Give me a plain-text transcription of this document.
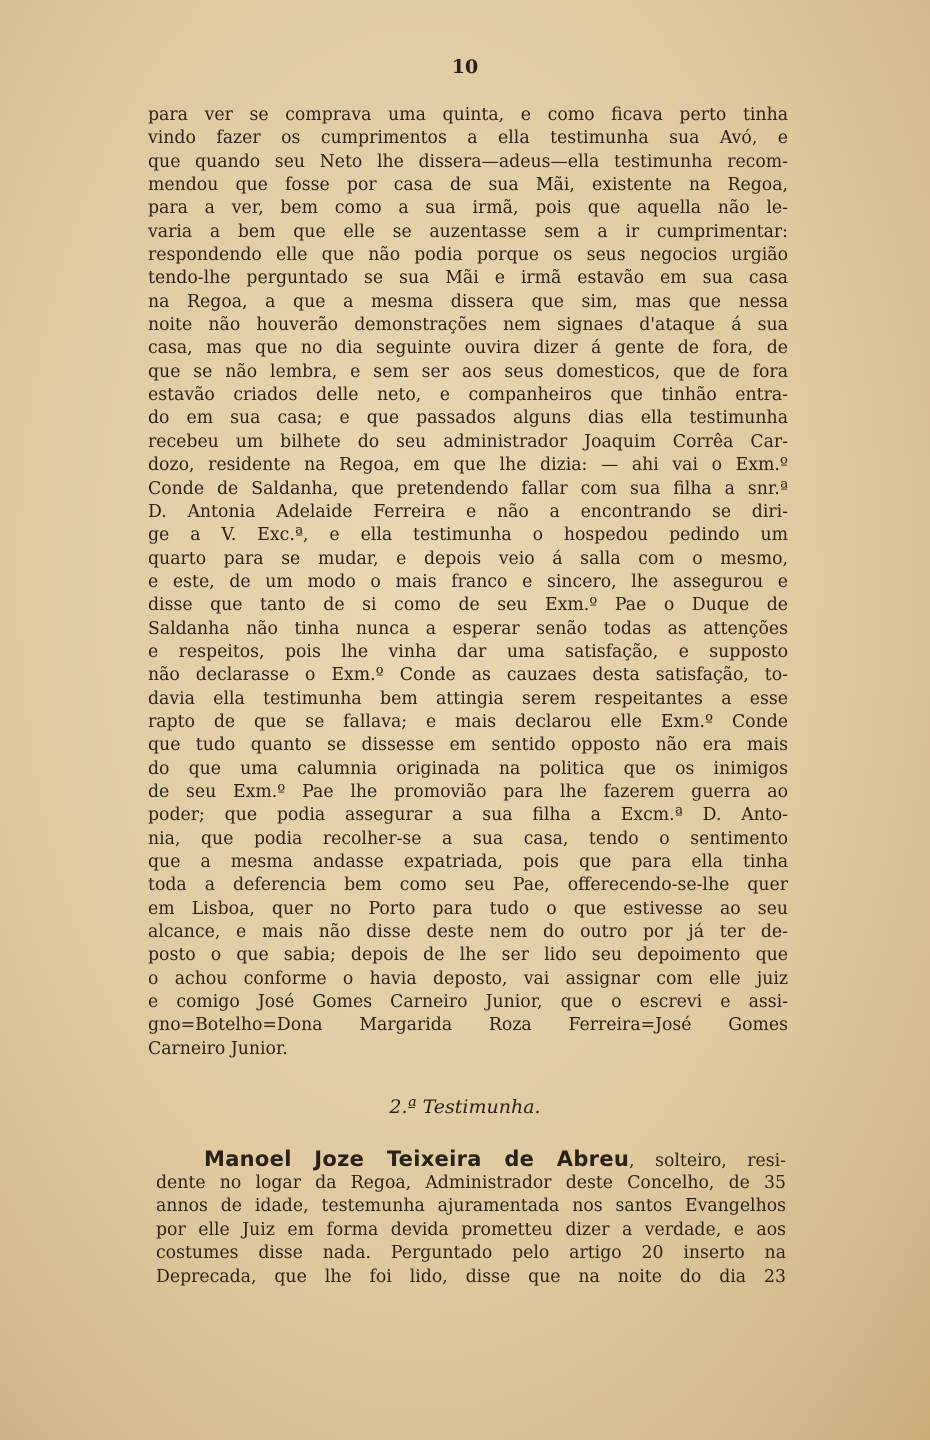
10
para ver se comprava uma quinta, e como ficava perto tinha
vindo fazer os cumprimentos a ella testimunha sua Avó, e
que quando seu Neto lhe dissera—adeus—ella testimunha recom-
mendou que fosse por casa de sua Mãi, existente na Regoa,
para a ver, bem como a sua irmã, pois que aquella não le-
varia a bem que elle se auzentasse sem a ir cumprimentar:
respondendo elle que não podia porque os seus negocios urgião
tendo-lhe perguntado se sua Mãi e irmã estavão em sua casa
na Regoa, a que a mesma dissera que sim, mas que nessa
noite não houverão demonstrações nem signaes d'ataque á sua
casa, mas que no dia seguinte ouvira dizer á gente de fora, de
que se não lembra, e sem ser aos seus domesticos, que de fora
estavão criados delle neto, e companheiros que tinhão entra-
do em sua casa; e que passados alguns dias ella testimunha
recebeu um bilhete do seu administrador Joaquim Corrêa Car-
dozo, residente na Regoa, em que lhe dizia: — ahi vai o Exm.º
Conde de Saldanha, que pretendendo fallar com sua filha a snr.ª
D. Antonia Adelaide Ferreira e não a encontrando se diri-
ge a V. Exc.ª, e ella testimunha o hospedou pedindo um
quarto para se mudar, e depois veio á salla com o mesmo,
e este, de um modo o mais franco e sincero, lhe assegurou e
disse que tanto de si como de seu Exm.º Pae o Duque de
Saldanha não tinha nunca a esperar senão todas as attenções
e respeitos, pois lhe vinha dar uma satisfação, e supposto
não declarasse o Exm.º Conde as cauzaes desta satisfação, to-
davia ella testimunha bem attingia serem respeitantes a esse
rapto de que se fallava; e mais declarou elle Exm.º Conde
que tudo quanto se dissesse em sentido opposto não era mais
do que uma calumnia originada na politica que os inimigos
de seu Exm.º Pae lhe promovião para lhe fazerem guerra ao
poder; que podia assegurar a sua filha a Excm.ª D. Anto-
nia, que podia recolher-se a sua casa, tendo o sentimento
que a mesma andasse expatriada, pois que para ella tinha
toda a deferencia bem como seu Pae, offerecendo-se-lhe quer
em Lisboa, quer no Porto para tudo o que estivesse ao seu
alcance, e mais não disse deste nem do outro por já ter de-
posto o que sabia; depois de lhe ser lido seu depoimento que
o achou conforme o havia deposto, vai assignar com elle juiz
e comigo José Gomes Carneiro Junior, que o escrevi e assi-
gno=Botelho=Dona Margarida Roza Ferreira=José Gomes
Carneiro Junior.
2.ª Testimunha.
Manoel Joze Teixeira de Abreu, solteiro, resi-
dente no logar da Regoa, Administrador deste Concelho, de 35
annos de idade, testemunha ajuramentada nos santos Evangelhos
por elle Juiz em forma devida prometteu dizer a verdade, e aos
costumes disse nada. Perguntado pelo artigo 20 inserto na
Deprecada, que lhe foi lido, disse que na noite do dia 23
